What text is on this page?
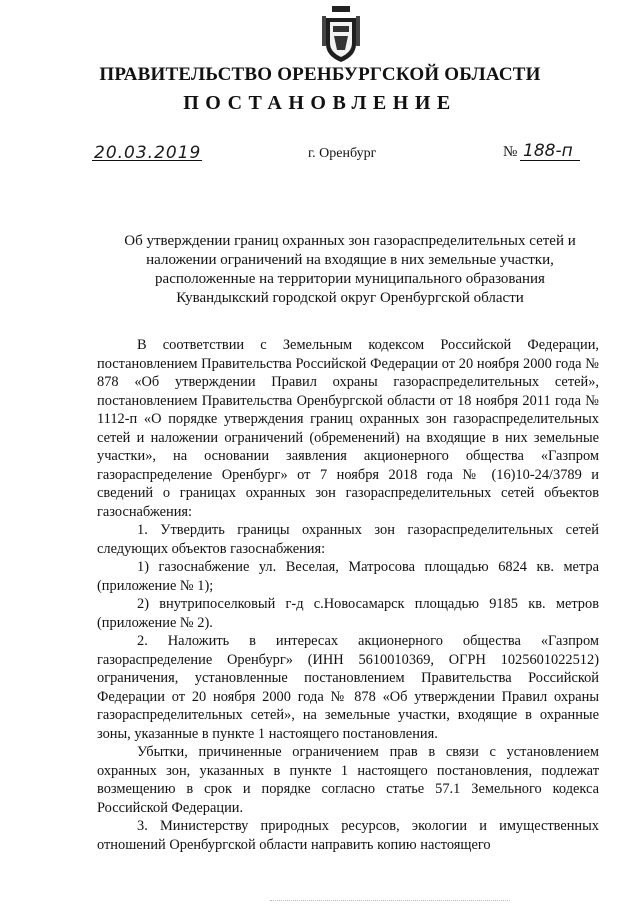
ПРАВИТЕЛЬСТВО ОРЕНБУРГСКОЙ ОБЛАСТИ
ПОСТАНОВЛЕНИЕ
20.03.2019	г. Оренбург	№ 188-п
Об утверждении границ охранных зон газораспределительных сетей и
наложении ограничений на входящие в них земельные участки,
расположенные на территории муниципального образования
Кувандыкский городской округ Оренбургской области

В соответствии с Земельным кодексом Российской Федерации, постановлением Правительства Российской Федерации от 20 ноября 2000 года № 878 «Об утверждении Правил охраны газораспределительных сетей», постановлением Правительства Оренбургской области от 18 ноября 2011 года № 1112-п «О порядке утверждения границ охранных зон газораспределительных сетей и наложении ограничений (обременений) на входящие в них земельные участки», на основании заявления акционерного общества «Газпром газораспределение Оренбург» от 7 ноября 2018 года № (16)10-24/3789 и сведений о границах охранных зон газораспределительных сетей объектов газоснабжения:

1. Утвердить границы охранных зон газораспределительных сетей следующих объектов газоснабжения:

1) газоснабжение ул. Веселая, Матросова площадью 6824 кв. метра (приложение № 1);

2) внутрипоселковый г-д с.Новосамарск площадью 9185 кв. метров (приложение № 2).

2. Наложить в интересах акционерного общества «Газпром газораспределение Оренбург» (ИНН 5610010369, ОГРН 1025601022512) ограничения, установленные постановлением Правительства Российской Федерации от 20 ноября 2000 года № 878 «Об утверждении Правил охраны газораспределительных сетей», на земельные участки, входящие в охранные зоны, указанные в пункте 1 настоящего постановления.

Убытки, причиненные ограничением прав в связи с установлением охранных зон, указанных в пункте 1 настоящего постановления, подлежат возмещению в срок и порядке согласно статье 57.1 Земельного кодекса Российской Федерации.

3. Министерству природных ресурсов, экологии и имущественных отношений Оренбургской области направить копию настоящего
